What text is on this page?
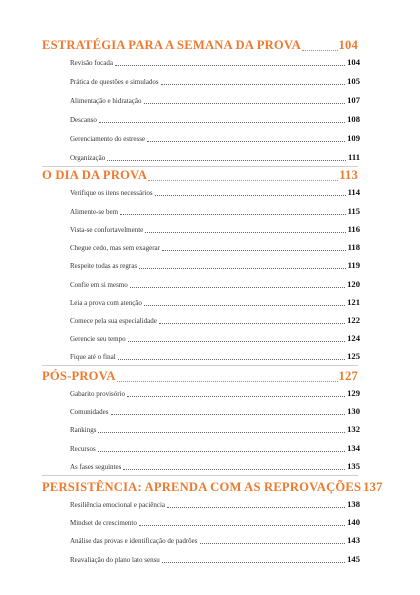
ESTRATÉGIA PARA A SEMANA DA PROVA	104
Revisão focada	104
Prática de questões e simulados	105
Alimentação e hidratação	107
Descanso	108
Gerenciamento do estresse	109
Organização	111
O DIA DA PROVA	113
Verifique os itens necessários	114
Alimente-se bem	115
Vista-se confortavelmente	116
Chegue cedo, mas sem exagerar	118
Respeite todas as regras	119
Confie em si mesmo	120
Leia a prova com atenção	121
Comece pela sua especialidade	122
Gerencie seu tempo	124
Fique até o final	125
PÓS-PROVA	127
Gabarito provisório	129
Comunidades	130
Rankings	132
Recursos	134
As fases seguintes	135
PERSISTÊNCIA: APRENDA COM AS REPROVAÇÕES 137
Resiliência emocional e paciência	138
Mindset de crescimento	140
Análise das provas e identificação de padrões	143
Reavaliação do plano lato sensu	145
